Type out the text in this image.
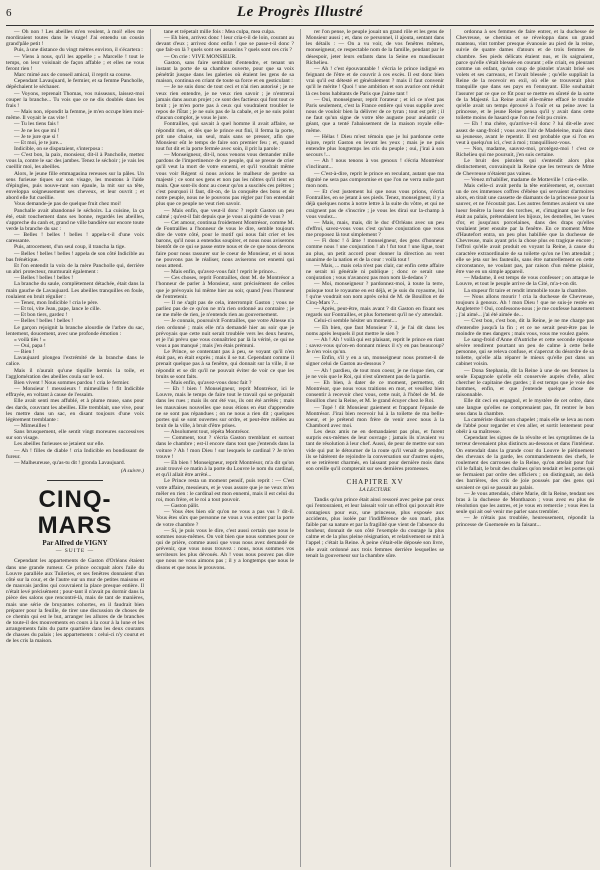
6	Le Progrès Illustré

— Oh non ! Les abeilles m'en veulent, à moi! elles me mordiraient toutes dans le visage! J'ai entendu un cousin grand'pâle petit !

Puis, à une distance du vingt mètres environ, il s'écartera :

— Viens à nous, qu'il les appelle ; « Marcelle ! tout le temps, on leur voisinait de façon affable ; et elles ne vous feront rien !

Marc mimé aux de conseil amical, il reprit sa course.

Cependant Lavaujuard, le fermier, et sa femme Pancholle, dépêchaient le séchauer.

— Voyons, reprenait Thomas, vos ruisseaux, laissez-moi couper la branche... Tu vois que ce ne dis doublés dans les frais !

— Mais non, répondit la femme, je m'en occupe bien moi-même. Il voyait le cas vite !

— Tu les tiens fais !

— Je ne les que mi !

— Je te jure que si !

— Et moi, je te jure...

Indicible, on se disputaient, s'interposa :

— C'est bon, la paix, monsieur, dit-il à Pancholle, mettez vous la, contre le sac des jambes. Tenez le séchoir ; je vais les cueillir moi, les abeilles.

Alors, le jeune fille emmagasina rereuses sur la pâles. Un sens furieuse tiques sur son visage, les moutons à l'aide d'épingles, puis nouve-rant son épaule, la mit sur sa tête, enveloppa soigneusement ses cheveux, et leur ouvrit ; et abord elle fut cueillie.

Vous demande-je pas de quelque fruit chez moi!

Panchalle avait abandonné le séchoirs. La cuisine, la ça été, etait touchement dans ses bonne, regardés les abeilles, s'appreche du canh et, grand ne ville bandière sur encore toute verde la branche du sac :

— Belles ! belles ! belles ! appela-t-il d'une voix caressante.

Puis, atrocement, d'un seul coup, il trancha la tige.

— Belles ! belles ! belles ! appela de son côté Indicible au bas frénétique.

Et l'on entendit la voix de la mère Pancholle qui, derrière un abri protecteur, murmurait également :

— Belles ! belles ! belles !

La branche du saule, complètement détachée, était dans la main gauche de Lavaujuard. Les abeilles tranquilles en foule, roulaient en bruit régulier :

— Tenez, mon Indicible ! cria le père.

— Et toi, vite Jean, pape, lance le cille.

— Et bon tiers, gardez !

— Belles ! belles ! belles !

Le garçon rejoignit la branche alourdie de l'arbre du sac, lentement, doucement, avec une profonde émotion :

« voilà tiès ! »

— Oui, papa !

— Bien !

Lavaujuard plongea l'extrémité de la branche dans le calice.

Mais il n'aurait qu'une tiquille hermis la toile, et l'agglomération des abeilles coula sur le sol.

Bien vivent ! Nous sommes pardou ! cria le fermier.

— Monsieur ! messsieurs ! mimeuilles ! fit Indicible effrayée, en voltant à cause de l'essaim.

Elle avait senti mes affublé, et à plume muse, sans pour des dards, couvrant les abeilles. Elle tremblait, une vive, pour les mettre dans un sac, en disant toujours d'une voix légèrement tremblante :

— Mimeuilles !

Sans brusquement, elle sentit vingt moreures successives sur son visage.

Les abeilles furieuses se jetaient sur elle.

— Ah ! filles de diable ! cria Indicible en bondissant de fureur.

— Malheureuse, qu'as-tu dit ! gronda Lavaujuard.

(A suivre.)
CINQ-MARS
Par Alfred de VIGNY
— SUITE —

Cependant les appartements de Gaston d'Orléans étaient dans une grande rumeur. Ce prince occupait alors l'aile du Louvre parallèle aux Tuileries, et ses fenêtres donnaient d'un côté sur la cour, et de l'autre sur un mur de petites maisons et de mauvais jardins qui couvraient la place presque entière. Il n'était levé précisément ; pour-tant il n'avait pu dormir dans la pièce des salons que rencontré-là, mais de tant de manières, mais une série de bruyantes cohortes, en il faudrait bien préparer pour la feuille, de tirer une discussion de choses de ce chemin qui est le but, arranger les allures de de branches de toute-il des mouvements en cours à la cour à la lune et les arrangements faits du parte quartière dans les deux courants de chasses du palais ; les appartements : celui-ci n'y courut et de les cris la maison.

tane et trépetait mille fois : Mea culpa, mea culpa.

— Eh bien, arrivez donc ! leur cria-t-il de loin, courant au devant d'eux ; arrivez donc enfin ! que se passe-t-il donc ? que fait-on là ? quels sont ses assassins ? quels sont ces cris ?

— On crie : VIVE MONSIEUR.

Gaston, sans faire semblant d'entendre, et tenant un instant la porte de sa chambre ouverte, pour que sa voix pénétrât jusque dans les galeries où étaient les gens de sa maison, continua en criant de toute sa force et en gesticulant :

— Je ne suis donc de tout ceci et n'ai rien autorisé ; je ne veux rien entendre, je ne veux rien savoir ; je n'entrerai jamais dans aucun projet ; ce sont des factieux qui font tout ce bruit ; je m'en porte pas à ceux qui voudraient troubler le repos de l'État ; je ne suis pas de la cabale, et je ne suis point d'aucun complot, je vous le jure.

Fontrailles, qui savait à quel homme il avait affaire, se répondit rien, et dès que le prince eut fini, il ferma la porte, prit une chaise, un seul, mais sans se presser, afin que Monsieur eût le temps de faire son premier feu ; et, quand tout fut dit et la porte fermée avec soin, il prit la parole :

— Monseigneur, dit-il, nous venons vous demander mille pardons de l'impertinence de ce peuple, qui se presse de crier qu'il veut la mort de votre ennemi, et qu'il voudrait même vous voir Régent si nous avions le malheur de perdre sa majesté ; ce sont ses gens et non pas les nôtres qu'il tient en main. Que sont-ils donc au coeur qu'on a suscités ces prêtres ; c'est pourquoi il faut, dit-on, de la conquête des bons et de notre peuple, nous ne le pouvons pas régler par l'on entendait plus que ce peuple ne veut rien savoir.

— Mais enfin, que veut-il donc ? reprit Gaston un peu calmé ; qu'est-il fait depuis que je vous ai quitté de vous ?

— Cet amour, continua froidement Montrésor, comme M. de Fontrailles a l'honneur de vous le dire, semble toujours dire de votre côté, pour le motif qui nous fait crier et les barons, qu'il nous a entendus soupirer, et nous nous aviserons bientôt de ce qui se passe entre nous et de ce que nous devons faire pour nous rassurer sur le coeur de Monsieur, et si nous ne pouvons pas le réaliser, nous aviserons cet ennemi qui nous attend.

— Mais enfin, qu'avez-vous fait ! reprit le prince...

— Ces choses, reprit Fontrailles, dont M. de Montrésor a l'honneur de parler à Monsieur, sont précisément de celles que je prévoyais lui même hier au soir, quand j'eus l'honneur de l'entretenir.

— Il ne s'agit pas de cela, interrompit Gaston ; vous ne parliez pas de ce qu'on ne m'a rien ordonné au contraire ; je ne me mêle de rien, je n'entends rien au gouvernement.

— Je connais, poursuivit Fontrailles, que votre Altesse n'a rien ordonné ; mais elle m'a demandé hier au soir que je prévoyais que cette nuit serait troublée vers les deux heures, et je l'ai prévu que vous connaîtriez par là la vérité, ce qui ne vous a pas manqué ; mais j'en étais prémuni.

Le Prince, se contentant pas à peu, se voyant qu'il n'en était pas, en était exprès ; mais il se tut. Cependant comme il prenait quelque pas à sa fenêtre, qui donnait sur la ville, il se répondit et se dit qu'il ne pouvait éviter de voir ce que les bruits se sont faits.

— Mais enfin, qu'avez-vous donc fait ?

— Eh ! bien ! Monseigneur, reprit Montrésor, ici le Louvre, mais le temps de faire tout le travail qui se préparait dans les rues ; mais ils ont été vus, ils ont été arrêtés ; mais les mauvaises nouvelles que nous étions en état d'apprendre ne se sont pas répandues ; on ne nous a rien dit ; quelques portes qui se sont ouvertes sur ordre, et peut-être mêlées au bruit de la ville, à bruit d'être prises.

— Absolument tout, répéta Montrésor.

— Comment, tout ? s'écria Gaston tremblant et surtout dans le chambre ; est-il encore dans tout que j'entends dans la voiture ? Ah ! mon Dieu ! sur lesquels le cardinal ? Je m'en trouve !

— Eh bien ! Monseigneur, reprit Montrésor, m'a dit qu'on avait trouvé ce matin à la porte du Louvre le nom du cardinal, et qu'il allait être arrêté...

Le Prince resta un moment pensif, puis reprit : — C'est votre affaire, messieurs, et je vous assure que je ne veux m'en mêler en rien : le cardinal est mon ennemi, mais il est celui du roi, mon frère, et le roi a tout pouvoir.

— Gaston pâlit.

— Vous êtes bien sûr qu'on ne vous a pas vus ? dit-il. Vous êtes sûrs que personne ne vous a vus entrer par la porte de votre chambre ?

— Si, je puis vous le dire, c'est aussi certain que nous le sommes nous-mêmes. On voit bien que nous sommes pour ce qui de prière, comme aussi que vous nous avez demandé de prévenir, que vous nous trouvez : nous, nous sommes vos serviteurs les plus dévoués. Ah ! vous nous pouvez pas dire que nous ne vous aimons pas ; il y a longtemps que nous le disons et que nous le prouvons.

rer l'on pense, le peuple jouait un grand rôle et les gens de Monsieur aussi ; et, dans ce personnel, il ajouta, sentant dans les détails : — On a vu voir, de vos fenêtres mêmes, monseigneur, ce respectable nom de la famille, pendant par le désespoir, jeter leurs enfants dans la Seine en maudissant Richelieu.

— Ah ! c'est épouvantable ! s'écria le prince indigné en feignant de l'être et de couvrir à ces excès. Il est donc bien vrai qu'il est détesté et généralement ? mais il faut convenir qu'il le mérite ! Quoi ! une ambition et son avarice ont réduit là ces bons habitants de Paris que j'aime tant !

— Oui, monseigneur, reprit l'orateur ; et ici ce n'est pas Paris seulement, c'est la France entière qui vous supplie avec nous de vouloir bien la délivrer de ce tyran ; tout est prêt ; il ne faut qu'un signe de votre tête auguste pour anéantir ce géant, que a tenté l'abaissement de la maison royale elle-même.

— Hélas ! Dieu m'est témoin que je lui pardonne cette injure, reprit Gaston en levant les yeux ; mais je ne puis entendre plus longtemps les cris du peuple ; oui, j'irai à son secours !...

— Ah ! nous tenons à vos genoux ! s'écria Montrésor s'inclinant...

— C'est-à-dire, reprit le prince en reculant, autant que ma dignité ne sera pas compromise et que l'on ne verra nulle part mon nom.

— Et c'est justement lui que nous vous prions, s'écria Fontrailles, en se jetant à ses pieds. Tenez, monseigneur, il y a déjà quelques noms à notre lettre à la suite du vôtre, et qui ne craignent pas de s'inscrire ; je vous les dirai sur la-champ à vous voulez...

— Mais, mais, mais, dit le duc d'Orléans avec un peu d'effroi, savez-vous vous c'est qu'une conjuration que vous me proposez là tout simplement ?

— Fi donc ! ô âme ! monseigneur, des gens d'honneur comme nous ! une conjuration ! ah ! fut tout ! une ligue, tout au plus, un petit accord pour donner la direction au vent unanime de la nation et de la cour : voilà tout !

— Mais, ... mais cela n'est pas clair, car enfin cette affaire ne serait ni générale ni publique ; donc ce serait une conjuration ; vous n'avancez pas mon nom là-dedans ?

— Moi, monseigneur ? pardonnez-moi, à toute la terre, puisque tout le royaume en est déjà, et je suis du royaume, lui ! qu'ne voudrait son nom après celui de M. de Bouillon et de Cinq-Mars ?...

— Après, peut-être, mais avant ? dit Gaston en fixant ses regards sur Fontrailles, et plus fortement qu'il ne s'y attendait.

Celui-ci semble hésiter un moment....

— Eh bien, que faut Monsieur ? il, je l'ai dit dans les noms après lesquels il put mettre le sien ?

— Ah ! Ah ! voilà qui est plaisant, reprit le prince en riant : savez-vous qu'on-en donnant mieux il s'y en pas beaucoup? Je n'en vois qu'un.

— Enfin, s'il y en a un, monseigneur nous promet-il de signer celui de Gaston au-dessous ?

— Ah ! pardieu, de tout mon coeur, je ne risque rien, car je ne vois que le Roi, qui n'est sûrement pas de la partie.

— Eh bien, à dater de ce moment, permettez, dit Montrésor, que nous vous traitions en mot, et veuillez bien consentir à recevoir chez vous, cette nuit, à l'hôtel de M. de Bouillon chez la Reine, et M. le grand écuyer chez le Roi.

— Topé ! dit Monsieur gaiement et frappant l'épaule de Montrésor. J'irai bien recevoir lui à la toilette de ma belle-soeur, et je prétend mon frère de venir avec nous à la Chambord avec moi.

Les deux amis ne en demandaient pas plus, et furent surpris eux-mêmes de leur ouvrage ; jamais ils n'avaient vu tant de résolution à leur chef. Aussi, de peur de mettre sur son vide qui put le détourner de la route qu'il venait de prendre, ils se hâtèrent de rejoindre la conversation sur d'autres sujets, et se retirèrent charmés, en laissant pour dernière mois dans son oreille qu'il compterait sur ses dernières promesses.

CHAPITRE XV
LA LECTURE

Tandis qu'un prince était ainsi ressoré avec peine par ceux qui l'entouraient, et leur laissait voir un effroi qui pouvait être contagieux pour eux, une princesse, plus exposée aux accidents, plus isolée par l'indifférence de son mari, plus faible par sa nature et par la fragilité que vient de l'absence du bonheur, donnait de son côté l'exemple du courage la plus calme et de la plus pleine résignation, et relativement se mit à l'appel ; c'était la Reine. À peine s'était-elle déposée son livre, elle avait ordonné aux trois femmes derrière lesquelles se tenait la gouverneur sur la chambre sûre.

ordonna à ses femmes de faire entrer, et la duchesse de Chevreuse, se chemisa et se réveloppa dans un grand manteau, vint tomber presque évanouie au pied de la reine, suivie de quatre dames d'atours et de trois femmes de chambre. Ses pieds délicats étaient nus, et ils saignaient, parce qu'elle s'était blessée en courant ; elle criait, en pleurant comme un enfant, qu'un coup de pistolet n'avait brisé ses volets et ses carreaux, et l'avait blessée ; qu'elle suppliait la Reine de la recevoir en exil, où elle se trouverait plus tranquille que dans ses pays en l'ennuyant. Elle souhaitait l'assurer par ce que ce fût pour se mettre en sûreté de la sorte de la Majesté. La Reine avait elle-même effacé le trouble qu'elle avait un temps éprouvé à l'ouïr et sa peine avec la princesse, et le jeune Reine pensa qu'il y avait dans cette toilette moins de hasard que l'on ne l'eût pu croire.

— Eh ! ma chère, qu'arrive-t-il donc ? lui dit-elle avec assez de sang-froid ; vous avez l'air de Madeleine, mais dans sa jeunesse, avant le repentir. Il est probable que si l'on en veut à quelqu'un ici, c'est à moi ; tranquillisez-vous.

— Non, madame, sauvez-moi, protégez-moi ! c'est ce Richelieu qui me poursuit, j'en suis certaine.

Le bruit des pistolets qui s'entendit alors plus distinctement, convainquit la Reine que les terreurs de Mme de Chevreuse n'étaient pas vaines.

— Venez m'habiller, madame de Motteville ! cria-t-elle.

Mais celle-ci avait perdu la tête entièrement, et, ouvrant un de ces immenses coffres d'ébène qui servaient d'armoires alors, en tirait une cassette de diamants de la princesse pour la sauver, et ne l'écoutait pas. Les autres femmes avaient vu une lueur fenêtre la lueur des torches, et, s'imaginant que le feu était au palais, prétendaient les bijoux, les dentelles, les vases d'or, et jusqu'aux porcelaines, dans des draps qu'elles voulaient jeter ensuite par la fenêtre. En ce moment Mme d'Hautefort entra, un peu plus habillée que la duchesse de Chevreuse, mais ayant pris la chose plus en tragique encore ; l'effroi qu'elle avait produit en voyant la Reine, à cause du caractère extraordinaire de sa toilette qu'on ne l'en attendait ; elle se jeta sur les fauteuils, sans être naturellement en cette circonstance, ne voulant pas, par raison d'un même plaisir, être vue en un simple appareil.

— Madame, il est temps de vous confesser ; on attaque le Louvre, et tout le peuple arrive de la Cité, m'a-t-on dit.

La stupeur fit taire et rendit immobile toute la chambre.

— Nous allons mourir ! cria la duchesse de Chevreuse, toujours à genoux. Ah ! mon Dieu ! que ne suis-je restée en Angleterre ! Oui, confessons-nous ; je me confesse hautement ; j'ai aimé... j'ai été aimée de...

— C'est bon, c'est bon, dit la Reine, je ne me charge pas d'entendre jusqu'à la fin ; et ce ne serait peut-être pas le moindre de mes dangers ; mais vous, vous me voulez guère.

Le sang-froid d'Anne d'Autriche et cette seconde réponse sévère rendirent pourtant un peu de calme à cette belle personne, qui se releva confuse, et s'apercut du désordre de sa toilette, qu'elle alla réparer le mieux qu'elle put dans un cabinet voisin.

— Dona Stephania, dit la Reine à une de ses femmes la seule Espagnole qu'elle eût conservée auprès d'elle, allez chercher le capitaine des gardes ; il est temps que je voie des hommes, enfin, et que j'entende quelque chose de raisonnable.

Elle dit ceci en espagnol, et le mystère de cet ordre, dans une langue qu'elles ne comprenaient pas, fit rentrer le bon sens dans la chambre.

La camériste disait son chapelet ; mais elle se leva au nom de l'abbé pour regarder et s'en aller, et sortit lentement pour obéir à sa maîtresse.

Cependant les signes de la révolte et les symptômes de la terreur devenaient plus distincts au-dessous et dans l'intérieur. On entendait dans la grande cour du Louvre le piétinement des chevaux de la garde, les commandements des chefs, le roulement des carrosses de la Reine, qu'on attelait pour fuir s'il le fallait, le bruit des chaînes qu'on tendait et les portes qui se fermaient par ordre des officiers ; on distinguait, au delà des barrières, des cris de joie poussés par des gens qui savaient ce qui se passait au palais.

— Je vous attendais, chère Marie, dit la Reine, tendant ses bras à la duchesse de Montbazon ; vous avez eu plus de résolution que les autres, et je vous en remercie ; vous êtes la seule qui ait osé venir me parler sans trembler.

— Je n'étais pas troublée, heureusement, répondit la princesse de Guemenée en la faisant...
